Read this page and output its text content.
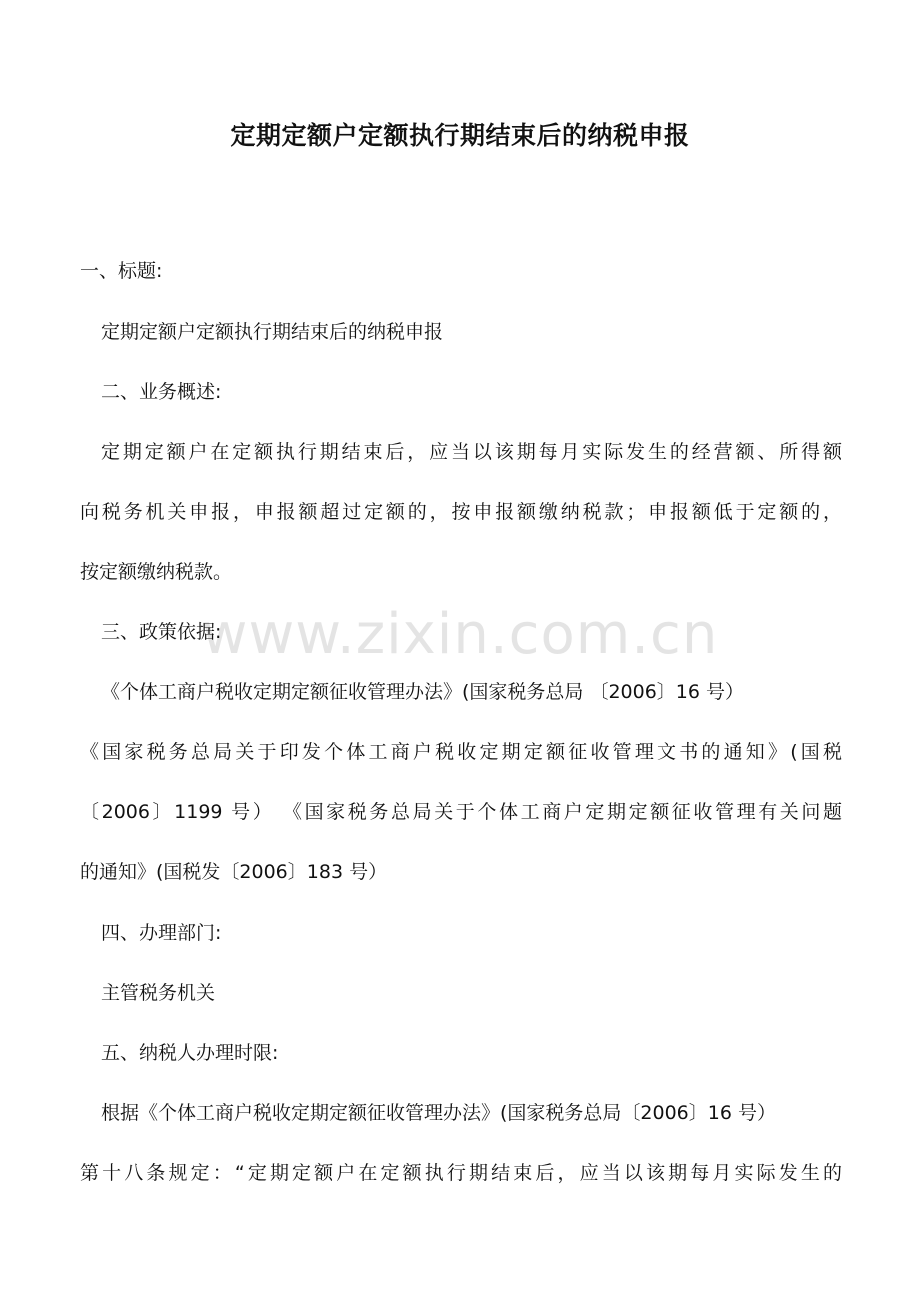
定期定额户定额执行期结束后的纳税申报
www.zixin.com.cn

一、标题:

定期定额户定额执行期结束后的纳税申报

二、业务概述:

定期定额户在定额执行期结束后，应当以该期每月实际发生的经营额、所得额

向税务机关申报，申报额超过定额的，按申报额缴纳税款；申报额低于定额的，

按定额缴纳税款。

三、政策依据:

《个体工商户税收定期定额征收管理办法》(国家税务总局 〔2006〕16 号）

《国家税务总局关于印发个体工商户税收定期定额征收管理文书的通知》(国税

〔2006〕1199 号） 《国家税务总局关于个体工商户定期定额征收管理有关问题

的通知》(国税发〔2006〕183 号）

四、办理部门:

主管税务机关

五、纳税人办理时限:

根据《个体工商户税收定期定额征收管理办法》(国家税务总局〔2006〕16 号）

第十八条规定：“定期定额户在定额执行期结束后，应当以该期每月实际发生的
